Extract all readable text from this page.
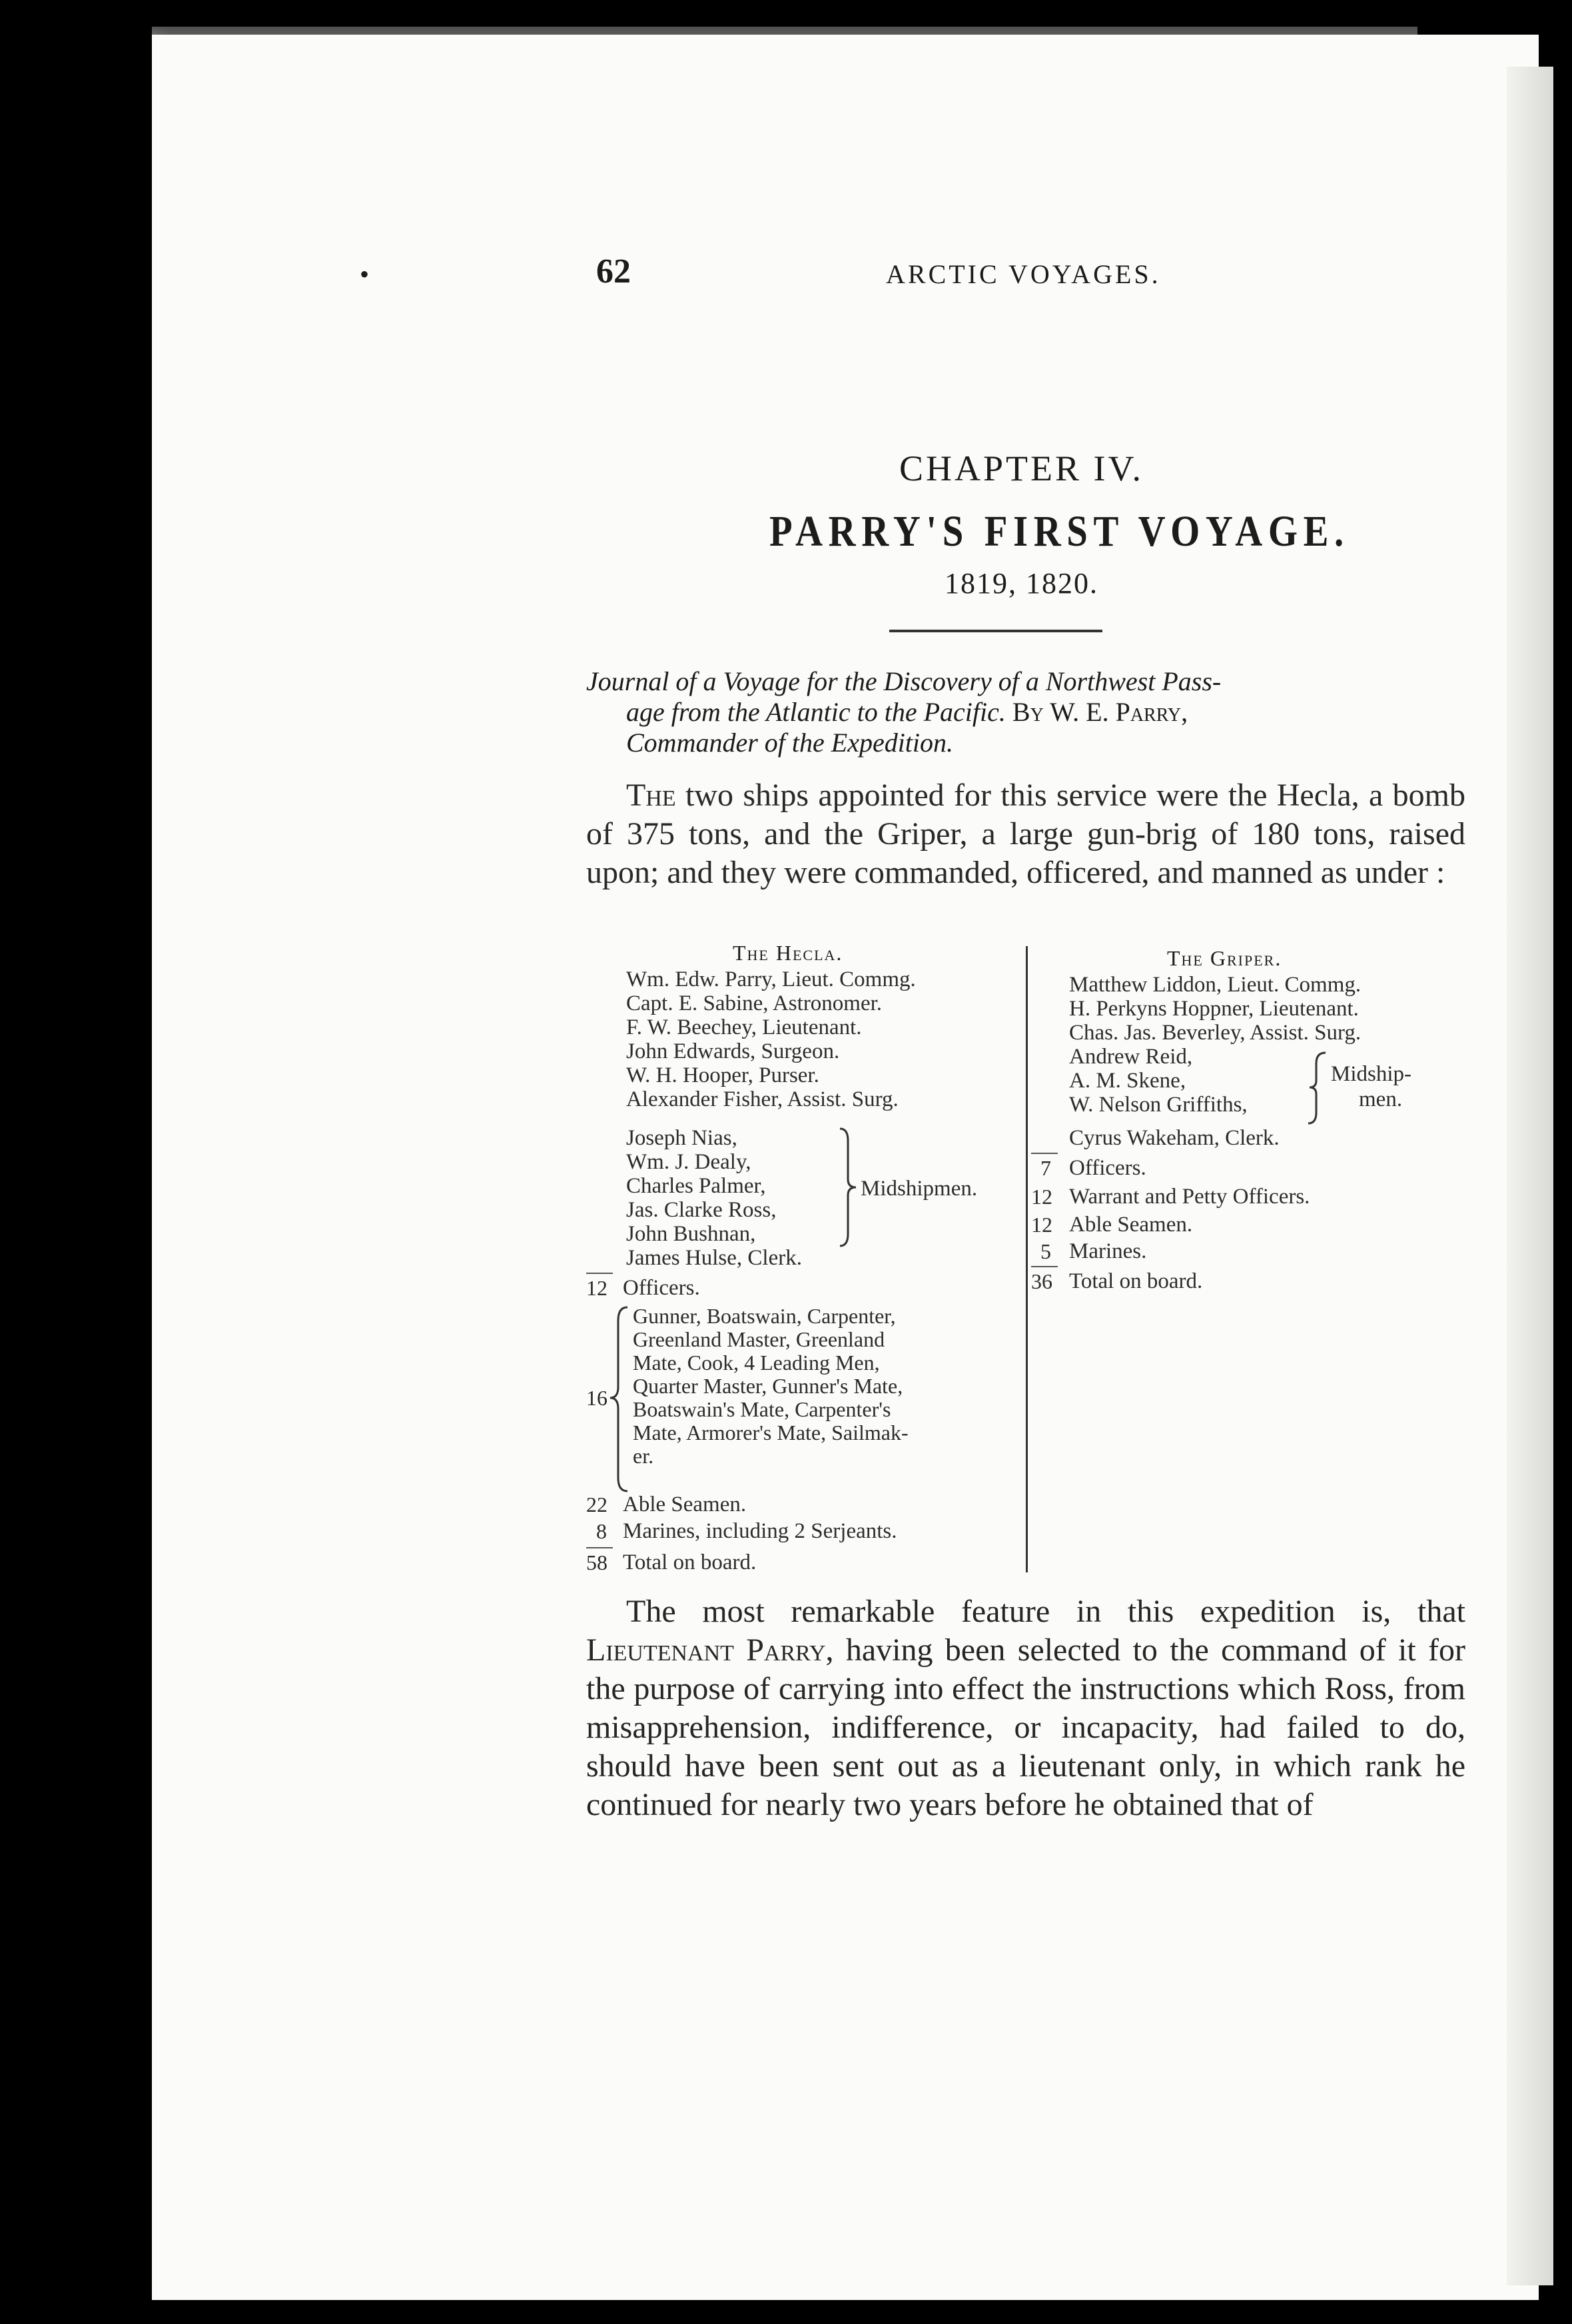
•	62	ARCTIC VOYAGES.
CHAPTER IV.
PARRY'S FIRST VOYAGE.
1819, 1820.
Journal of a Voyage for the Discovery of a Northwest Pass-
age from the Atlantic to the Pacific. By W. E. Parry,
Commander of the Expedition.
The two ships appointed for this service were the Hecla, a bomb of 375 tons, and the Griper, a large gun-brig of 180 tons, raised upon; and they were commanded, officered, and manned as under :
The Hecla.
Wm. Edw. Parry, Lieut. Commg.
Capt. E. Sabine, Astronomer.
F. W. Beechey, Lieutenant.
John Edwards, Surgeon.
W. H. Hooper, Purser.
Alexander Fisher, Assist. Surg.
Joseph Nias,
Wm. J. Dealy,
Charles Palmer,
Jas. Clarke Ross,
John Bushnan,
Midshipmen.
James Hulse, Clerk.
12 Officers.
16
Gunner, Boatswain, Carpenter,
Greenland Master, Greenland
Mate, Cook, 4 Leading Men,
Quarter Master, Gunner's Mate,
Boatswain's Mate, Carpenter's
Mate, Armorer's Mate, Sailmak-
er.
22 Able Seamen.
8 Marines, including 2 Serjeants.
58 Total on board.
The Griper.
Matthew Liddon, Lieut. Commg.
H. Perkyns Hoppner, Lieutenant.
Chas. Jas. Beverley, Assist. Surg.
Andrew Reid,
A. M. Skene,
W. Nelson Griffiths,
Midship-
men.
Cyrus Wakeham, Clerk.
7 Officers.
12 Warrant and Petty Officers.
12 Able Seamen.
5 Marines.
36 Total on board.
The most remarkable feature in this expedition is, that Lieutenant Parry, having been selected to the command of it for the purpose of carrying into effect the instructions which Ross, from misapprehension, indifference, or incapacity, had failed to do, should have been sent out as a lieutenant only, in which rank he continued for nearly two years before he obtained that of
